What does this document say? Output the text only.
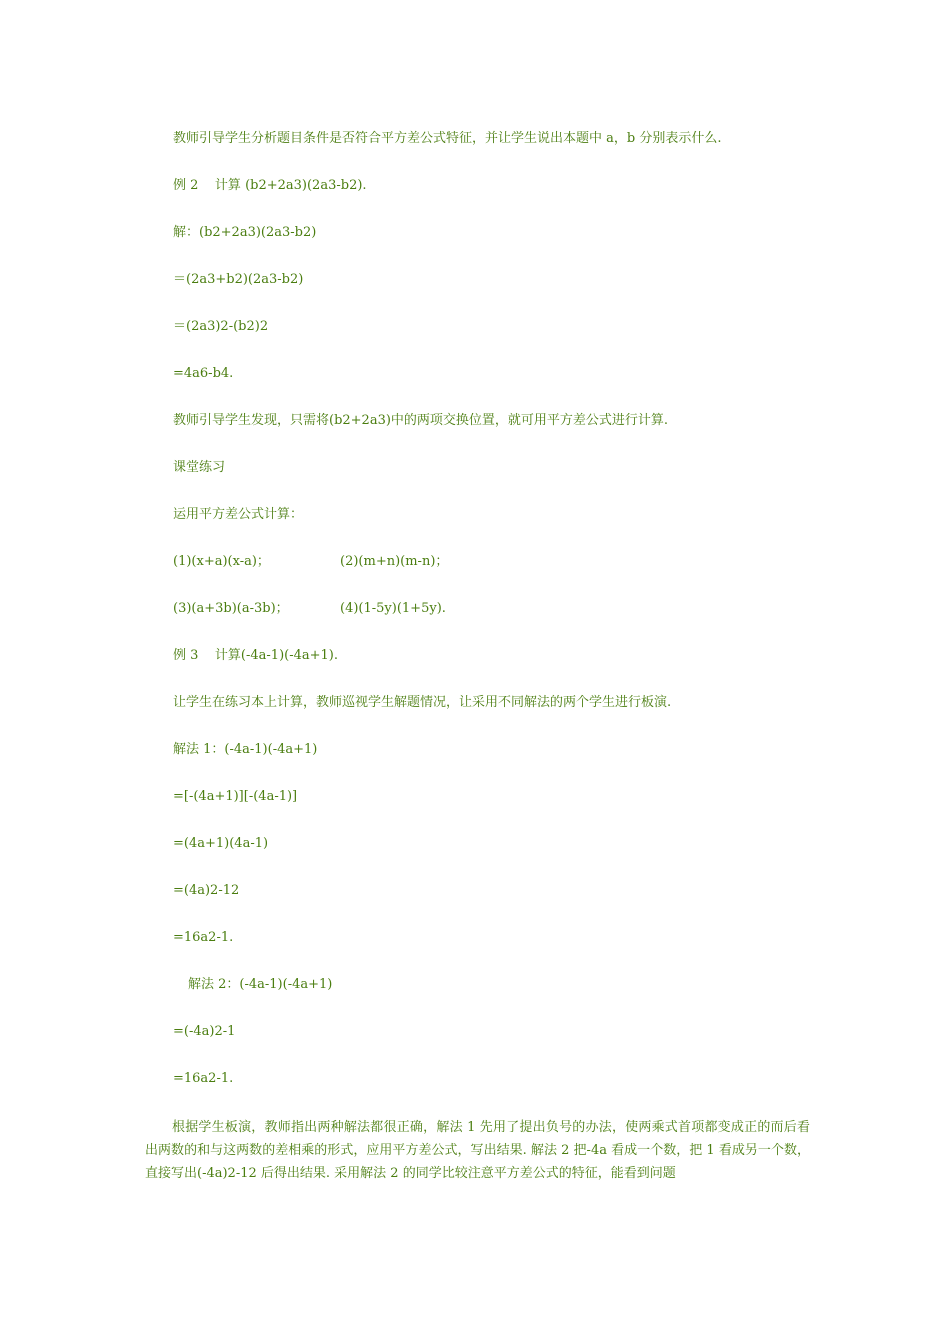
教师引导学生分析题目条件是否符合平方差公式特征，并让学生说出本题中 a，b 分别表示什么.
例 2    计算 (b2+2a3)(2a3-b2).
解：(b2+2a3)(2a3-b2)
＝(2a3+b2)(2a3-b2)
＝(2a3)2-(b2)2
=4a6-b4.
教师引导学生发现，只需将(b2+2a3)中的两项交换位置，就可用平方差公式进行计算.
课堂练习
运用平方差公式计算：
(1)(x+a)(x-a)；	(2)(m+n)(m-n)；
(3)(a+3b)(a-3b)；	(4)(1-5y)(1+5y).
例 3    计算(-4a-1)(-4a+1).
让学生在练习本上计算，教师巡视学生解题情况，让采用不同解法的两个学生进行板演.
解法 1：(-4a-1)(-4a+1)
=[-(4a+1)][-(4a-1)]
=(4a+1)(4a-1)
=(4a)2-12
=16a2-1.
解法 2：(-4a-1)(-4a+1)
=(-4a)2-1
=16a2-1.
根据学生板演，教师指出两种解法都很正确，解法 1 先用了提出负号的办法，使两乘式首项都变成正的而后看出两数的和与这两数的差相乘的形式，应用平方差公式，写出结果. 解法 2 把-4a 看成一个数，把 1 看成另一个数，直接写出(-4a)2-12 后得出结果. 采用解法 2 的同学比较注意平方差公式的特征，能看到问题
